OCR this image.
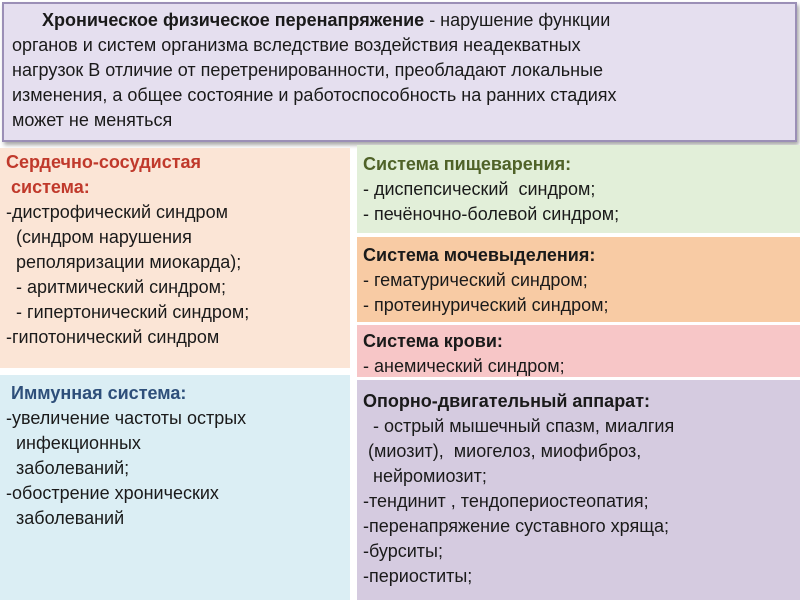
Хроническое физическое перенапряжение - нарушение функции
органов и систем организма вследствие воздействия неадекватных
нагрузок В отличие от перетренированности, преобладают локальные
изменения, а общее состояние и работоспособность на ранних стадиях
может не меняться
Сердечно-сосудистая
система:
-дистрофический синдром
(синдром нарушения
реполяризации миокарда);
- аритмический синдром;
- гипертонический синдром;
-гипотонический синдром
Иммунная система:
-увеличение частоты острых
инфекционных
заболеваний;
-обострение хронических
заболеваний
Система пищеварения:
- диспепсический  синдром;
- печёночно-болевой синдром;
Система мочевыделения:
- гематурический синдром;
- протеинурический синдром;
Система крови:
- анемический синдром;
Опорно-двигательный аппарат:
- острый мышечный спазм, миалгия
(миозит),  миогелоз, миофиброз,
нейромиозит;
-тендинит , тендопериостеопатия;
-перенапряжение суставного хряща;
-бурситы;
-периоститы;
